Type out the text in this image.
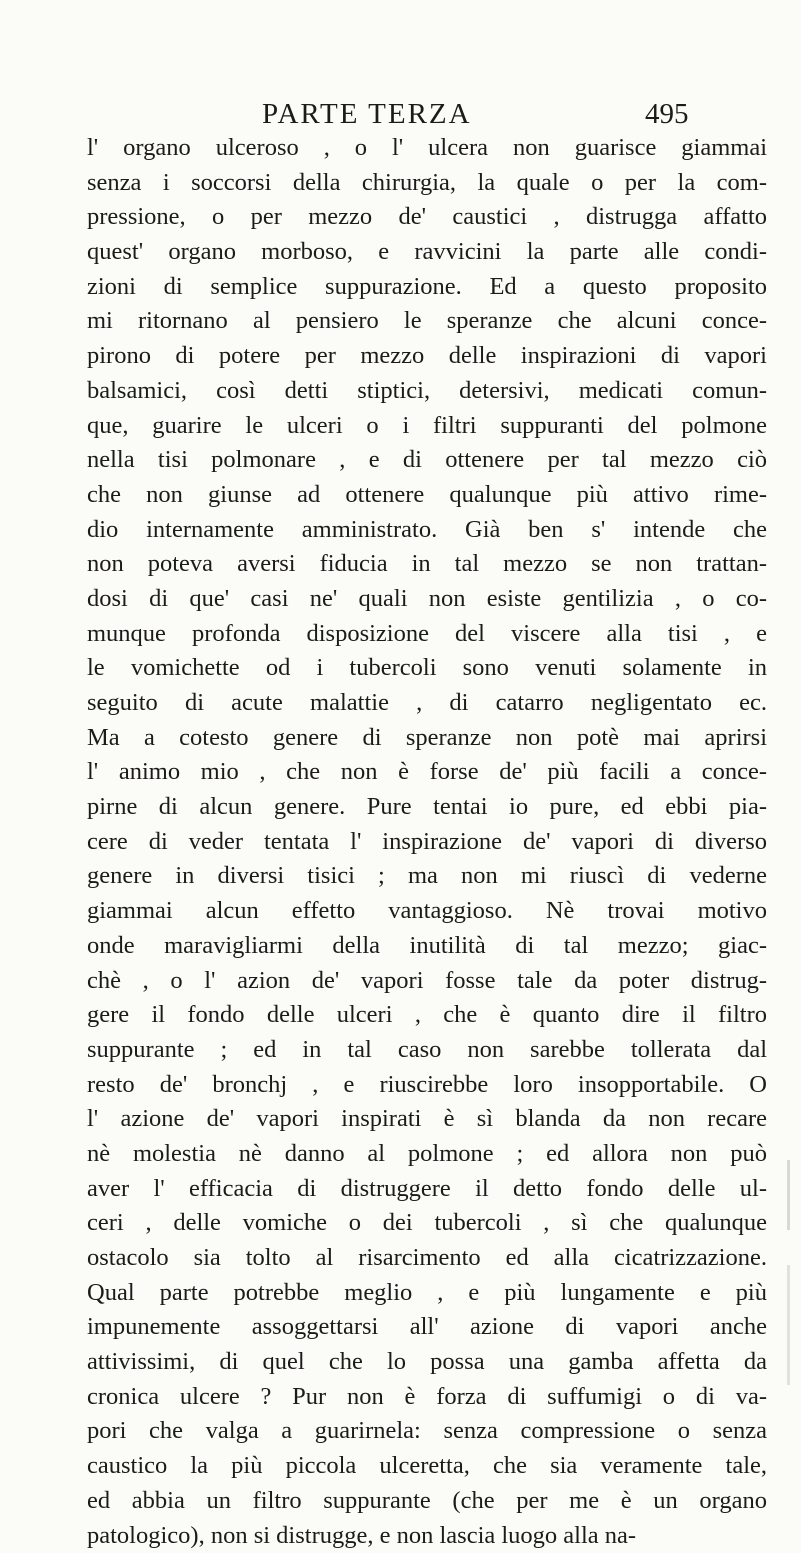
PARTE TERZA	495
l' organo ulceroso , o l' ulcera non guarisce giammai
senza i soccorsi della chirurgia, la quale o per la com-
pressione, o per mezzo de' caustici , distrugga affatto
quest' organo morboso, e ravvicini la parte alle condi-
zioni di semplice suppurazione. Ed a questo proposito
mi ritornano al pensiero le speranze che alcuni conce-
pirono di potere per mezzo delle inspirazioni di vapori
balsamici, così detti stiptici, detersivi, medicati comun-
que, guarire le ulceri o i filtri suppuranti del polmone
nella tisi polmonare , e di ottenere per tal mezzo ciò
che non giunse ad ottenere qualunque più attivo rime-
dio internamente amministrato. Già ben s' intende che
non poteva aversi fiducia in tal mezzo se non trattan-
dosi di que' casi ne' quali non esiste gentilizia , o co-
munque profonda disposizione del viscere alla tisi , e
le vomichette od i tubercoli sono venuti solamente in
seguito di acute malattie , di catarro negligentato ec.
Ma a cotesto genere di speranze non potè mai aprirsi
l' animo mio , che non è forse de' più facili a conce-
pirne di alcun genere. Pure tentai io pure, ed ebbi pia-
cere di veder tentata l' inspirazione de' vapori di diverso
genere in diversi tisici ; ma non mi riuscì di vederne
giammai alcun effetto vantaggioso. Nè trovai motivo
onde maravigliarmi della inutilità di tal mezzo; giac-
chè , o l' azion de' vapori fosse tale da poter distrug-
gere il fondo delle ulceri , che è quanto dire il filtro
suppurante ; ed in tal caso non sarebbe tollerata dal
resto de' bronchj , e riuscirebbe loro insopportabile. O
l' azione de' vapori inspirati è sì blanda da non recare
nè molestia nè danno al polmone ; ed allora non può
aver l' efficacia di distruggere il detto fondo delle ul-
ceri , delle vomiche o dei tubercoli , sì che qualunque
ostacolo sia tolto al risarcimento ed alla cicatrizzazione.
Qual parte potrebbe meglio , e più lungamente e più
impunemente assoggettarsi all' azione di vapori anche
attivissimi, di quel che lo possa una gamba affetta da
cronica ulcere ? Pur non è forza di suffumigi o di va-
pori che valga a guarirnela: senza compressione o senza
caustico la più piccola ulceretta, che sia veramente tale,
ed abbia un filtro suppurante (che per me è un organo
patologico), non si distrugge, e non lascia luogo alla na-
